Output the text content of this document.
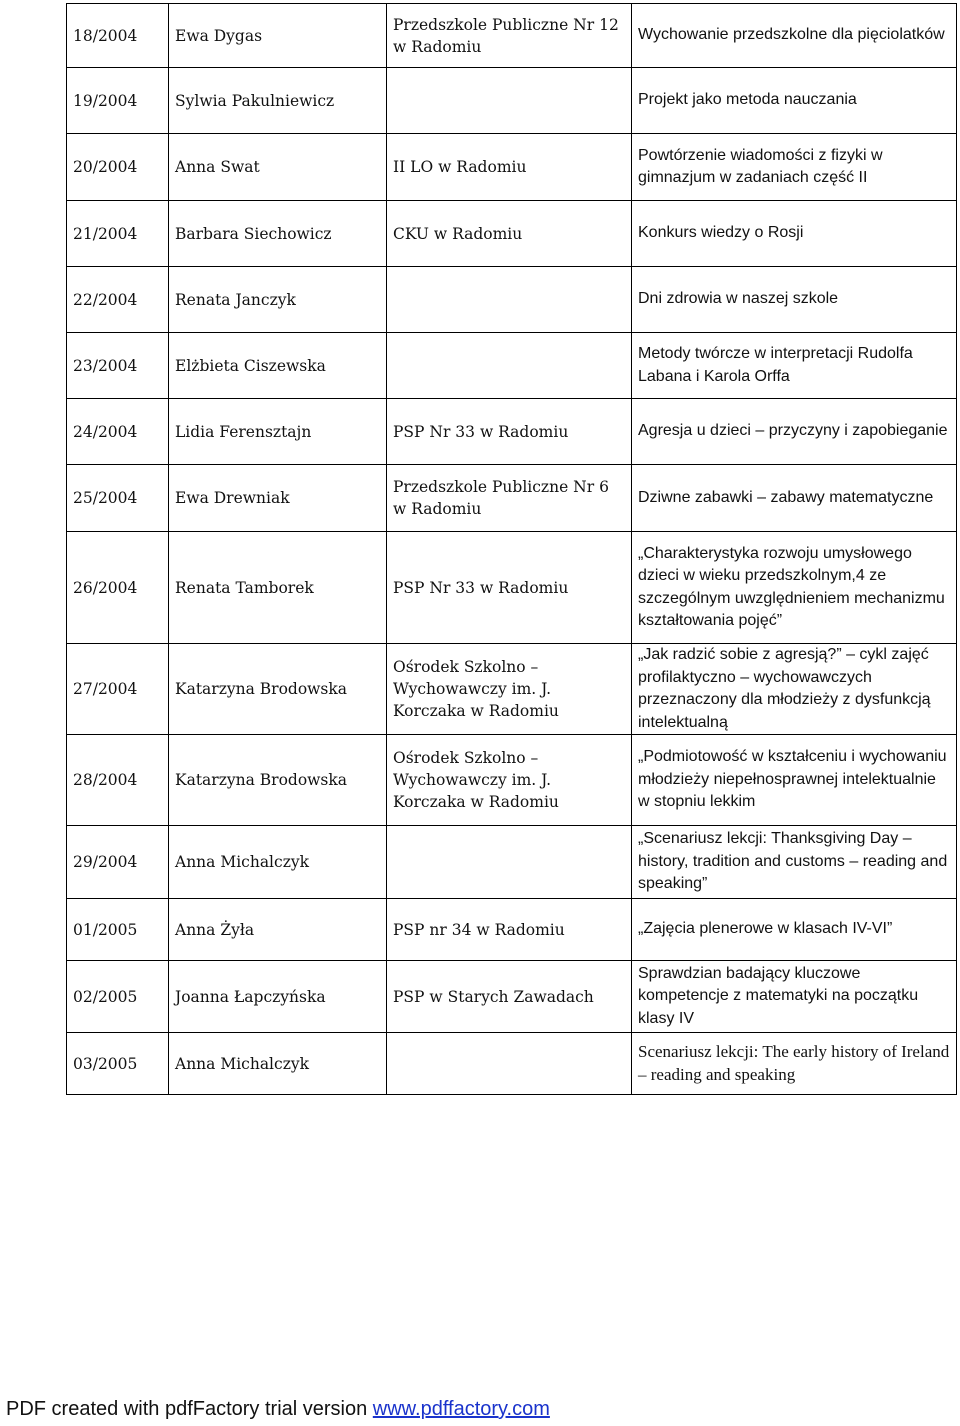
18/2004	Ewa Dygas	Przedszkole Publiczne Nr 12 w Radomiu	Wychowanie przedszkolne dla pięciolatków
19/2004	Sylwia Pakulniewicz		Projekt jako metoda nauczania
20/2004	Anna Swat	II LO w Radomiu	Powtórzenie wiadomości z fizyki w gimnazjum w zadaniach część II
21/2004	Barbara Siechowicz	CKU w Radomiu	Konkurs wiedzy o Rosji
22/2004	Renata Janczyk		Dni zdrowia w naszej szkole
23/2004	Elżbieta Ciszewska		Metody twórcze w interpretacji Rudolfa Labana i Karola Orffa
24/2004	Lidia Ferensztajn	PSP Nr 33 w Radomiu	Agresja u dzieci – przyczyny i zapobieganie
25/2004	Ewa Drewniak	Przedszkole Publiczne Nr 6 w Radomiu	Dziwne zabawki – zabawy matematyczne
26/2004	Renata Tamborek	PSP Nr 33 w Radomiu	„Charakterystyka rozwoju umysłowego dzieci w wieku przedszkolnym,4 ze szczególnym uwzględnieniem mechanizmu kształtowania pojęć”
27/2004	Katarzyna Brodowska	Ośrodek Szkolno – Wychowawczy im. J. Korczaka w Radomiu	„Jak radzić sobie z agresją?” – cykl zajęć profilaktyczno – wychowawczych przeznaczony dla młodzieży z dysfunkcją intelektualną
28/2004	Katarzyna Brodowska	Ośrodek Szkolno – Wychowawczy im. J. Korczaka w Radomiu	„Podmiotowość w kształceniu i wychowaniu młodzieży niepełnosprawnej intelektualnie w stopniu lekkim
29/2004	Anna Michalczyk		„Scenariusz lekcji: Thanksgiving Day – history, tradition and customs – reading and speaking”
01/2005	Anna Żyła	PSP nr 34 w Radomiu	„Zajęcia plenerowe w klasach IV-VI”
02/2005	Joanna Łapczyńska	PSP w Starych Zawadach	Sprawdzian badający kluczowe kompetencje z matematyki na początku klasy IV
03/2005	Anna Michalczyk		Scenariusz lekcji: The early history of Ireland – reading and speaking
PDF created with pdfFactory trial version www.pdffactory.com
